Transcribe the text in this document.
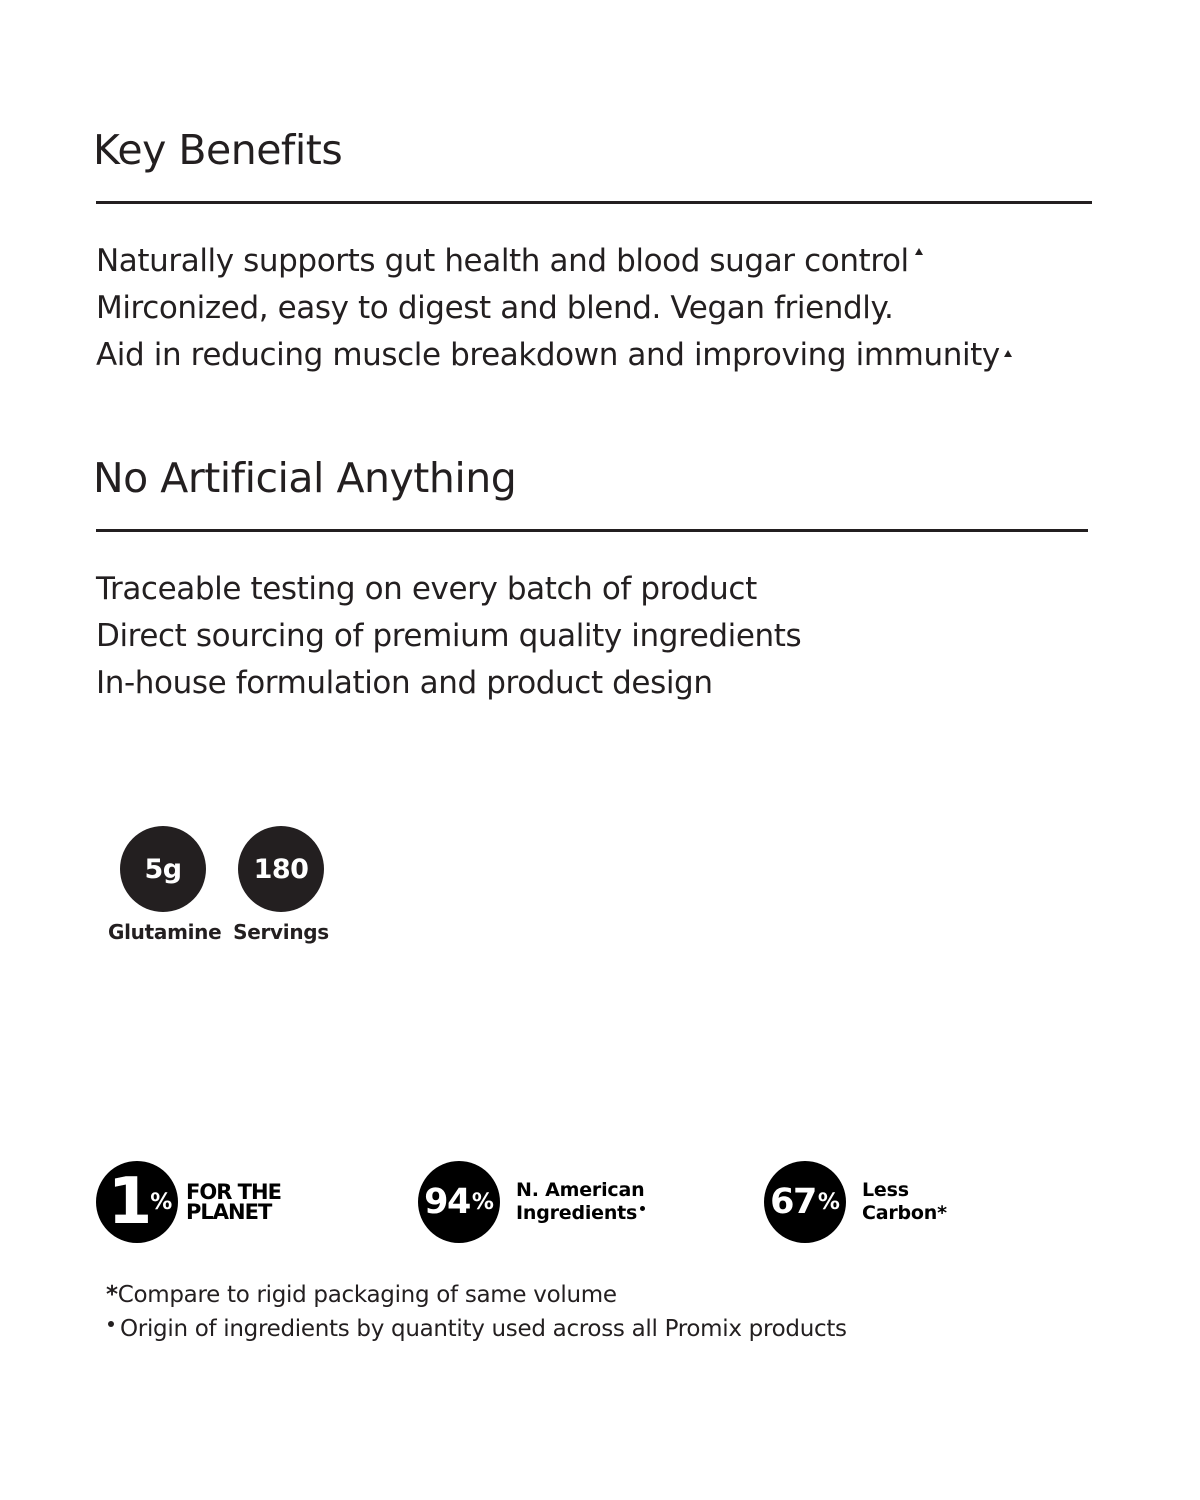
Key Benefits
Naturally supports gut health and blood sugar control
Mirconized, easy to digest and blend. Vegan friendly.
Aid in reducing muscle breakdown and improving immunity
No Artificial Anything
Traceable testing on every batch of product
Direct sourcing of premium quality ingredients
In-house formulation and product design
5g
Glutamine
180
Servings
1 % FOR THE
PLANET	94 % N. American
Ingredients	67 % Less
Carbon*
*Compare to rigid packaging of same volume
Origin of ingredients by quantity used across all Promix products
